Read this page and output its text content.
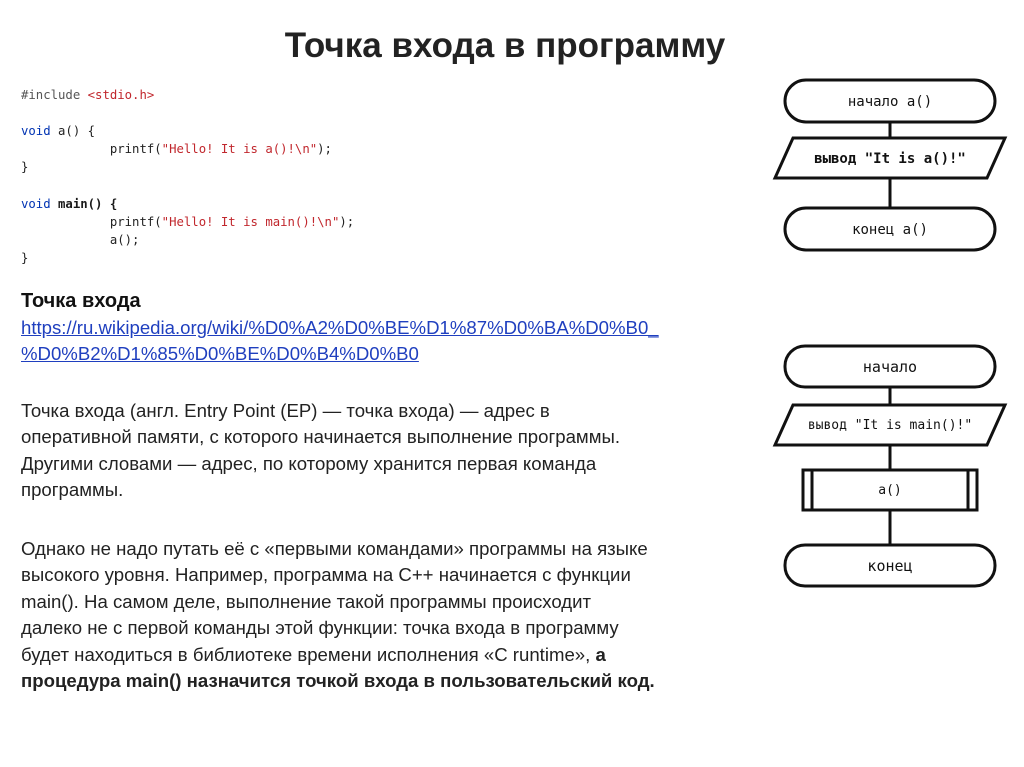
Точка входа в программу
#include <stdio.h>

void a() {
printf("Hello! It is a()!\n");
}

void main() {
printf("Hello! It is main()!\n");
a();
}
Точка входа
https://ru.wikipedia.org/wiki/%D0%A2%D0%BE%D1%87%D0%BA%D0%B0_
%D0%B2%D1%85%D0%BE%D0%B4%D0%B0
Точка входа (англ. Entry Point (EP) — точка входа) — адрес в
оперативной памяти, с которого начинается выполнение программы.
Другими словами — адрес, по которому хранится первая команда
программы.
Однако не надо путать её с «первыми командами» программы на языке
высокого уровня. Например, программа на C++ начинается с функции
main(). На самом деле, выполнение такой программы происходит
далеко не с первой команды этой функции: точка входа в программу
будет находиться в библиотеке времени исполнения «C runtime», а
процедура main() назначится точкой входа в пользовательский код.
начало a()
вывод "It is a()!"
конец a()
начало
вывод "It is main()!"
a()
конец
